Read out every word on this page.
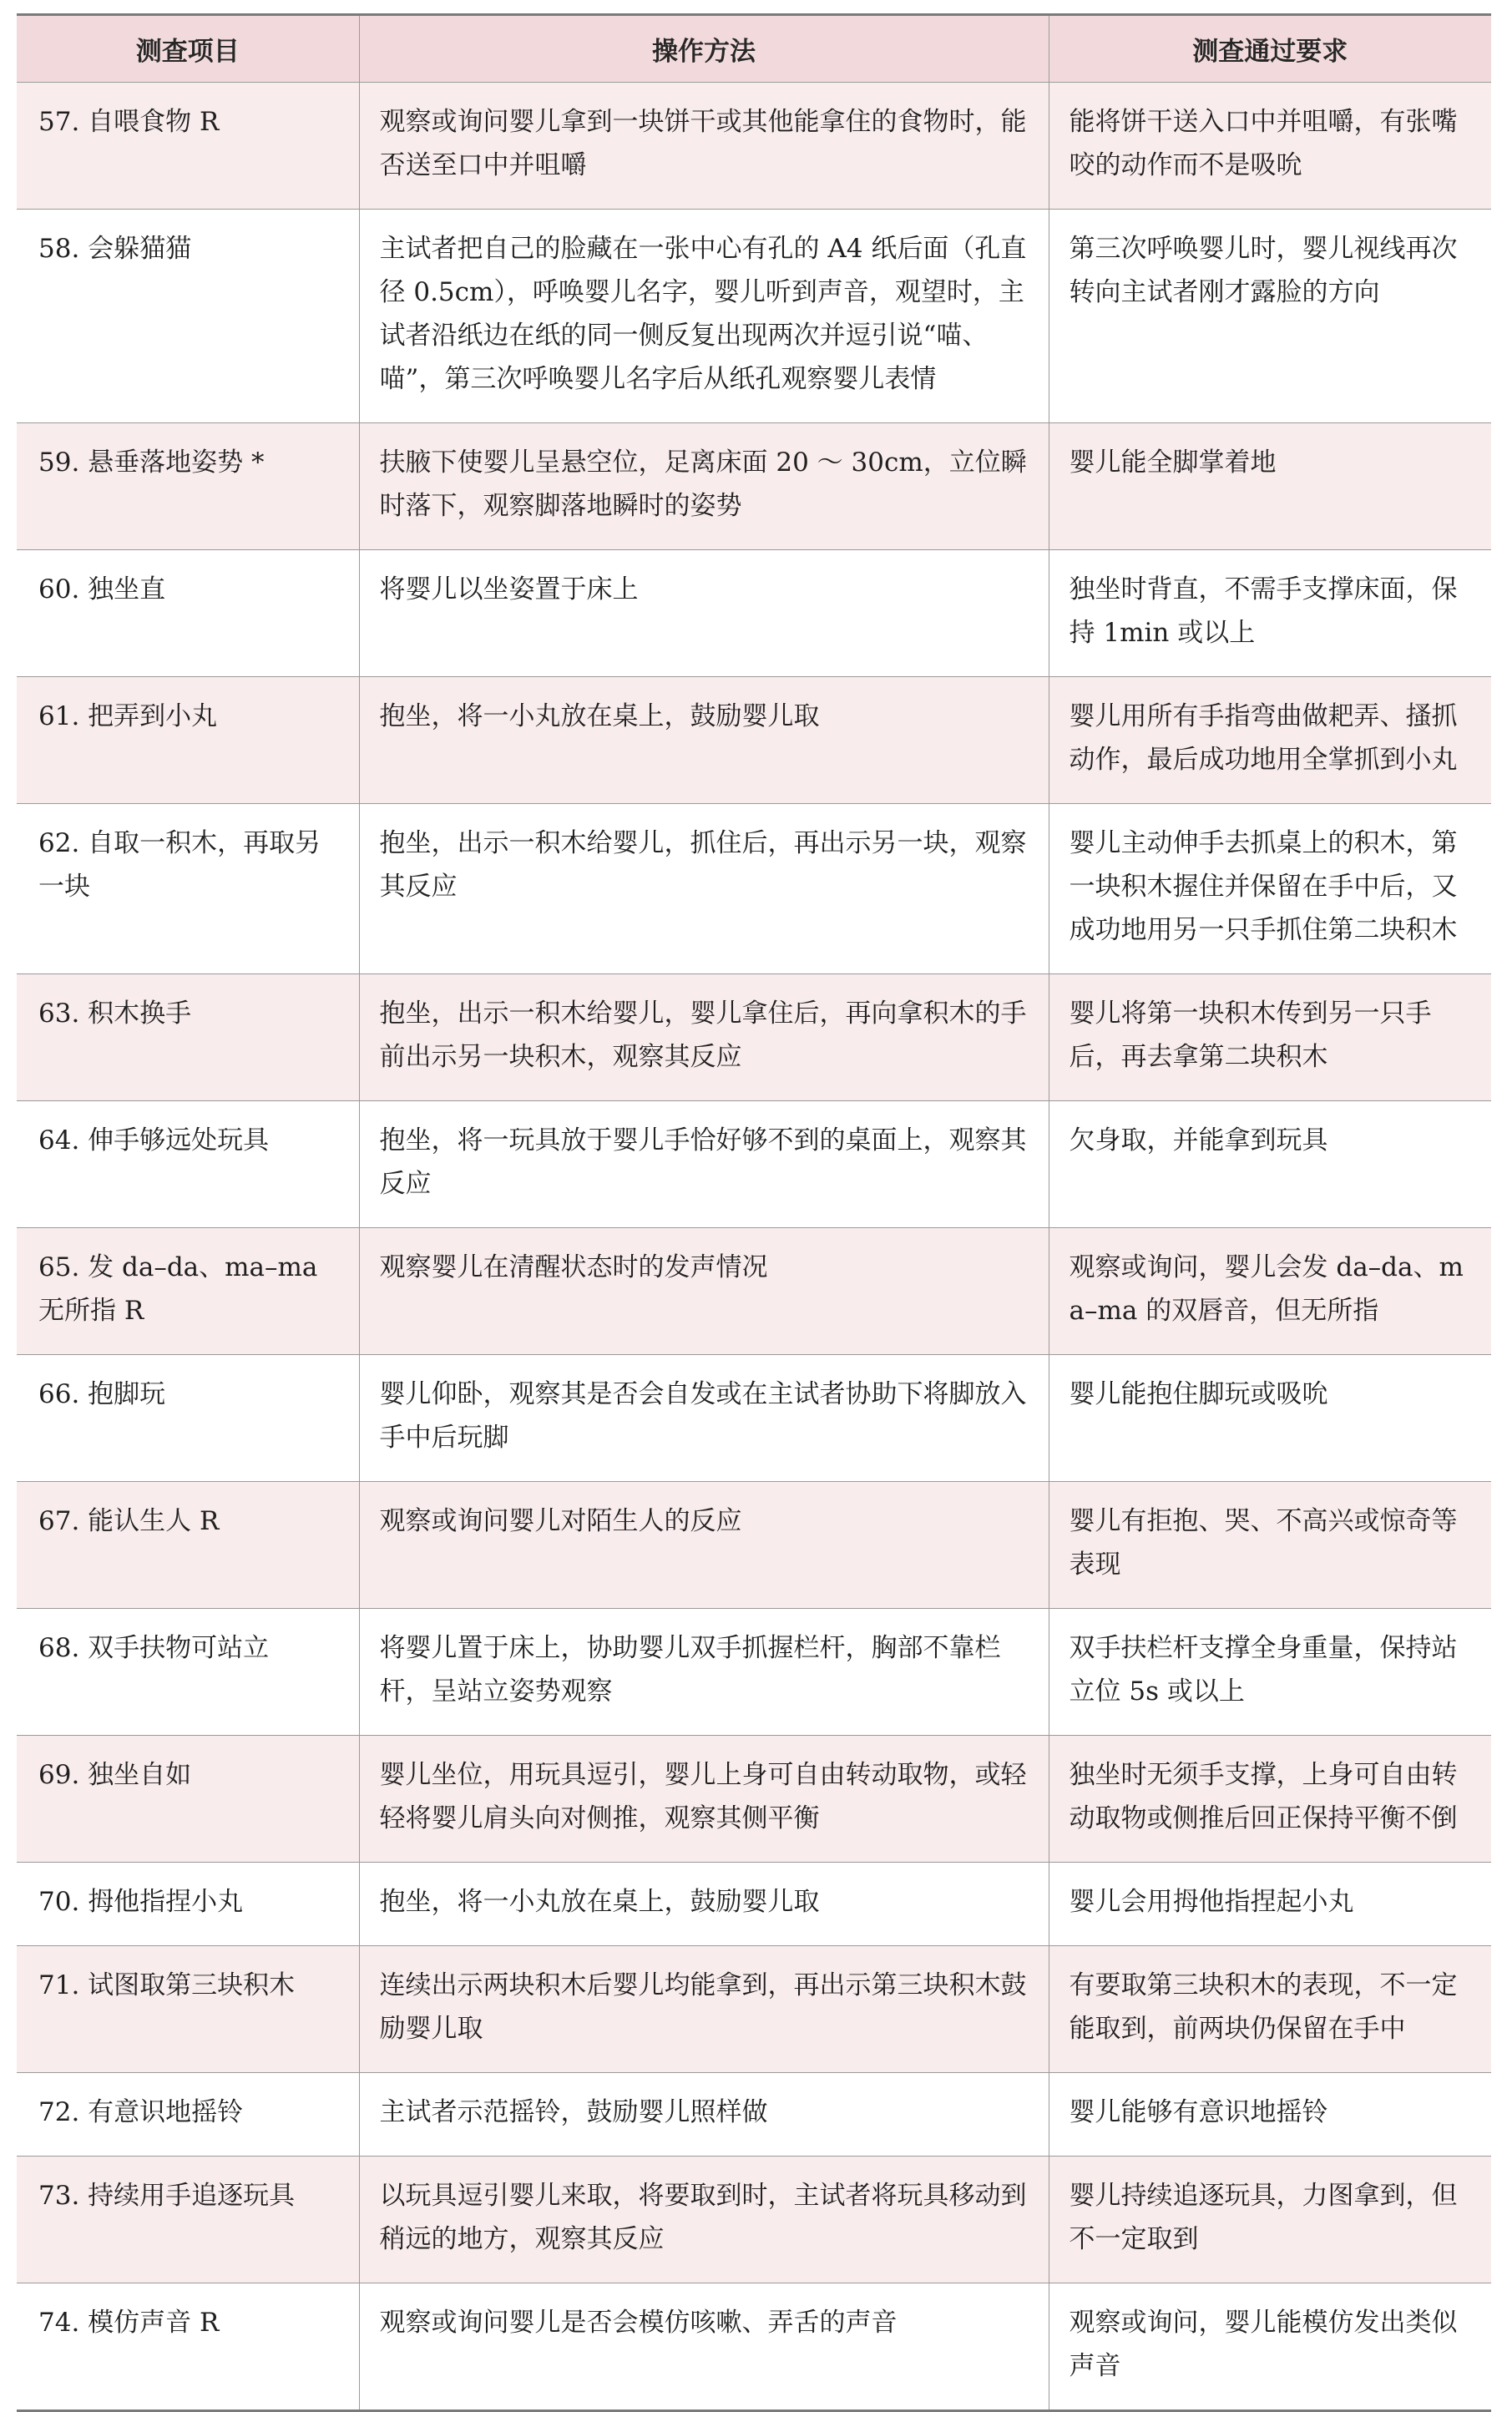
测查项目	操作方法	测查通过要求
57. 自喂食物 R	观察或询问婴儿拿到一块饼干或其他能拿住的食物时，能否送至口中并咀嚼	能将饼干送入口中并咀嚼，有张嘴咬的动作而不是吸吮
58. 会躲猫猫	主试者把自己的脸藏在一张中心有孔的 A4 纸后面（孔直径 0.5cm），呼唤婴儿名字，婴儿听到声音，观望时，主试者沿纸边在纸的同一侧反复出现两次并逗引说“喵、喵”，第三次呼唤婴儿名字后从纸孔观察婴儿表情	第三次呼唤婴儿时，婴儿视线再次转向主试者刚才露脸的方向
59. 悬垂落地姿势 *	扶腋下使婴儿呈悬空位，足离床面 20 ～ 30cm，立位瞬时落下，观察脚落地瞬时的姿势	婴儿能全脚掌着地
60. 独坐直	将婴儿以坐姿置于床上	独坐时背直，不需手支撑床面，保持 1min 或以上
61. 把弄到小丸	抱坐，将一小丸放在桌上，鼓励婴儿取	婴儿用所有手指弯曲做耙弄、搔抓动作，最后成功地用全掌抓到小丸
62. 自取一积木，再取另一块	抱坐，出示一积木给婴儿，抓住后，再出示另一块，观察其反应	婴儿主动伸手去抓桌上的积木，第一块积木握住并保留在手中后，又成功地用另一只手抓住第二块积木
63. 积木换手	抱坐，出示一积木给婴儿，婴儿拿住后，再向拿积木的手前出示另一块积木，观察其反应	婴儿将第一块积木传到另一只手后，再去拿第二块积木
64. 伸手够远处玩具	抱坐，将一玩具放于婴儿手恰好够不到的桌面上，观察其反应	欠身取，并能拿到玩具
65. 发 da–da、ma–ma 无所指 R	观察婴儿在清醒状态时的发声情况	观察或询问，婴儿会发 da–da、ma–ma 的双唇音，但无所指
66. 抱脚玩	婴儿仰卧，观察其是否会自发或在主试者协助下将脚放入手中后玩脚	婴儿能抱住脚玩或吸吮
67. 能认生人 R	观察或询问婴儿对陌生人的反应	婴儿有拒抱、哭、不高兴或惊奇等表现
68. 双手扶物可站立	将婴儿置于床上，协助婴儿双手抓握栏杆，胸部不靠栏杆，呈站立姿势观察	双手扶栏杆支撑全身重量，保持站立位 5s 或以上
69. 独坐自如	婴儿坐位，用玩具逗引，婴儿上身可自由转动取物，或轻轻将婴儿肩头向对侧推，观察其侧平衡	独坐时无须手支撑，上身可自由转动取物或侧推后回正保持平衡不倒
70. 拇他指捏小丸	抱坐，将一小丸放在桌上，鼓励婴儿取	婴儿会用拇他指捏起小丸
71. 试图取第三块积木	连续出示两块积木后婴儿均能拿到，再出示第三块积木鼓励婴儿取	有要取第三块积木的表现，不一定能取到，前两块仍保留在手中
72. 有意识地摇铃	主试者示范摇铃，鼓励婴儿照样做	婴儿能够有意识地摇铃
73. 持续用手追逐玩具	以玩具逗引婴儿来取，将要取到时，主试者将玩具移动到稍远的地方，观察其反应	婴儿持续追逐玩具，力图拿到，但不一定取到
74. 模仿声音 R	观察或询问婴儿是否会模仿咳嗽、弄舌的声音	观察或询问，婴儿能模仿发出类似声音
